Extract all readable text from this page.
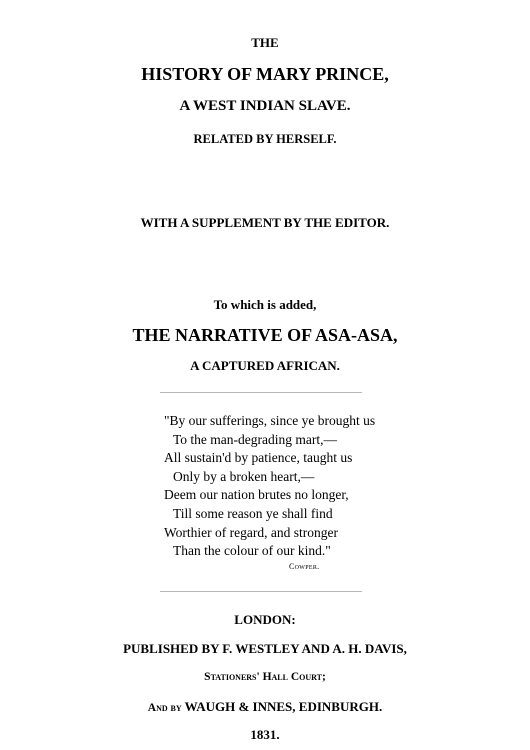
THE
HISTORY OF MARY PRINCE,
A WEST INDIAN SLAVE.
RELATED BY HERSELF.
WITH A SUPPLEMENT BY THE EDITOR.
To which is added,
THE NARRATIVE OF ASA-ASA,
A CAPTURED AFRICAN.
"By our sufferings, since ye brought us
To the man-degrading mart,—
All sustain'd by patience, taught us
Only by a broken heart,—
Deem our nation brutes no longer,
Till some reason ye shall find
Worthier of regard, and stronger
Than the colour of our kind."
Cowper.
LONDON:
PUBLISHED BY F. WESTLEY AND A. H. DAVIS,
Stationers' Hall Court;
And by WAUGH & INNES, EDINBURGH.
1831.
